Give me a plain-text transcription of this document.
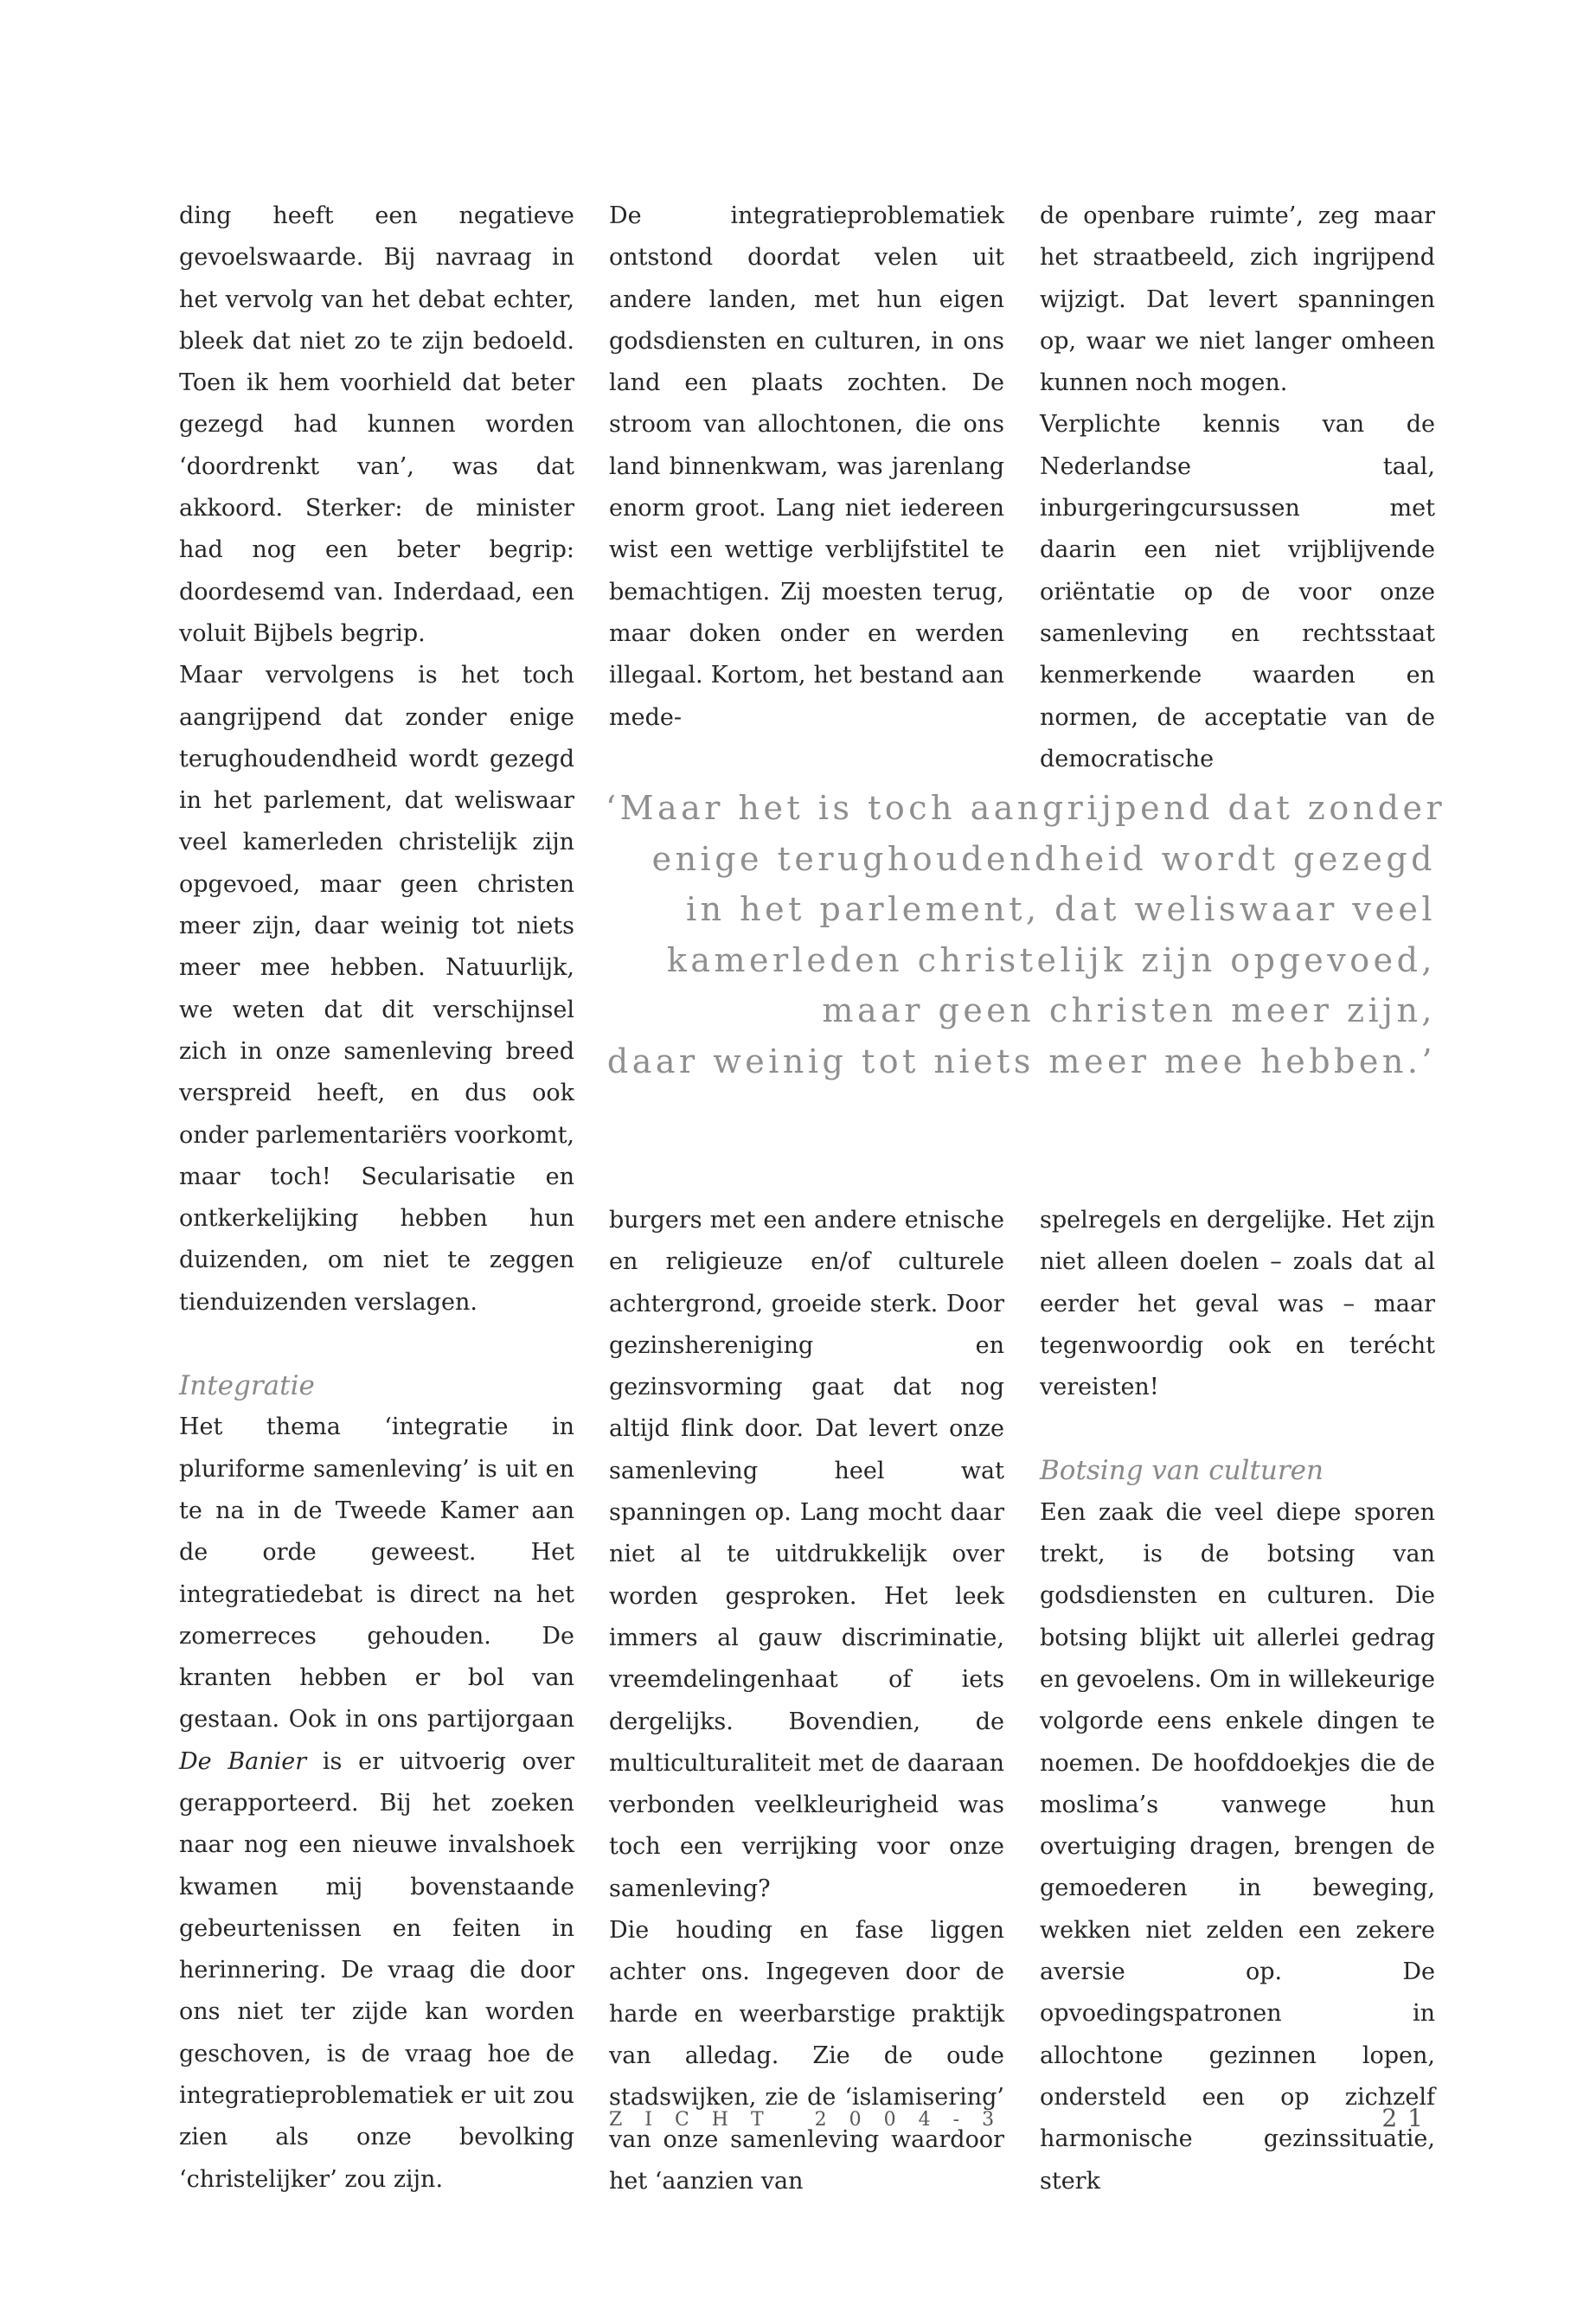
ding heeft een negatieve gevoelswaarde. Bij navraag in het vervolg van het debat echter, bleek dat niet zo te zijn bedoeld. Toen ik hem voorhield dat beter gezegd had kunnen worden ‘doordrenkt van’, was dat akkoord. Sterker: de minister had nog een beter begrip: doordesemd van. Inderdaad, een voluit Bijbels begrip.

Maar vervolgens is het toch aangrijpend dat zonder enige terughoudendheid wordt gezegd in het parlement, dat weliswaar veel kamerleden christelijk zijn opgevoed, maar geen christen meer zijn, daar weinig tot niets meer mee hebben. Natuurlijk, we weten dat dit verschijnsel zich in onze samenleving breed verspreid heeft, en dus ook onder parlementariërs voorkomt, maar toch! Secularisatie en ontkerkelijking hebben hun duizenden, om niet te zeggen tienduizenden verslagen.

Integratie

Het thema ‘integratie in pluriforme samenleving’ is uit en te na in de Tweede Kamer aan de orde geweest. Het integratiedebat is direct na het zomerreces gehouden. De kranten hebben er bol van gestaan. Ook in ons partijorgaan De Banier is er uitvoerig over gerapporteerd. Bij het zoeken naar nog een nieuwe invalshoek kwamen mij bovenstaande gebeurtenissen en feiten in herinnering. De vraag die door ons niet ter zijde kan worden geschoven, is de vraag hoe de integratieproblematiek er uit zou zien als onze bevolking ‘christelijker’ zou zijn.

De integratieproblematiek ontstond doordat velen uit andere landen, met hun eigen godsdiensten en culturen, in ons land een plaats zochten. De stroom van allochtonen, die ons land binnenkwam, was jarenlang enorm groot. Lang niet iedereen wist een wettige verblijfstitel te bemachtigen. Zij moesten terug, maar doken onder en werden illegaal. Kortom, het bestand aan mede-

de openbare ruimte’, zeg maar het straatbeeld, zich ingrijpend wijzigt. Dat levert spanningen op, waar we niet langer omheen kunnen noch mogen.

Verplichte kennis van de Nederlandse taal, inburgeringcursussen met daarin een niet vrijblijvende oriëntatie op de voor onze samenleving en rechtsstaat kenmerkende waarden en normen, de acceptatie van de democratische

‘Maar het is toch aangrijpend dat zonder
enige terughoudendheid wordt gezegd
in het parlement, dat weliswaar veel
kamerleden christelijk zijn opgevoed,
maar geen christen meer zijn,
daar weinig tot niets meer mee hebben.’

burgers met een andere etnische en religieuze en/of culturele achtergrond, groeide sterk. Door gezinshereniging en gezinsvorming gaat dat nog altijd flink door. Dat levert onze samenleving heel wat spanningen op. Lang mocht daar niet al te uitdrukkelijk over worden gesproken. Het leek immers al gauw discriminatie, vreemdelingenhaat of iets dergelijks. Bovendien, de multiculturaliteit met de daaraan verbonden veelkleurigheid was toch een verrijking voor onze samenleving?

Die houding en fase liggen achter ons. Ingegeven door de harde en weerbarstige praktijk van alledag. Zie de oude stadswijken, zie de ‘islamisering’ van onze samenleving waardoor het ‘aanzien van

spelregels en dergelijke. Het zijn niet alleen doelen – zoals dat al eerder het geval was – maar tegenwoordig ook en terécht vereisten!

Botsing van culturen

Een zaak die veel diepe sporen trekt, is de botsing van godsdiensten en culturen. Die botsing blijkt uit allerlei gedrag en gevoelens. Om in willekeurige volgorde eens enkele dingen te noemen. De hoofddoekjes die de moslima’s vanwege hun overtuiging dragen, brengen de gemoederen in beweging, wekken niet zelden een zekere aversie op. De opvoedingspatronen in allochtone gezinnen lopen, ondersteld een op zichzelf harmonische gezinssituatie, sterk

ZICHT 2004-3	21
